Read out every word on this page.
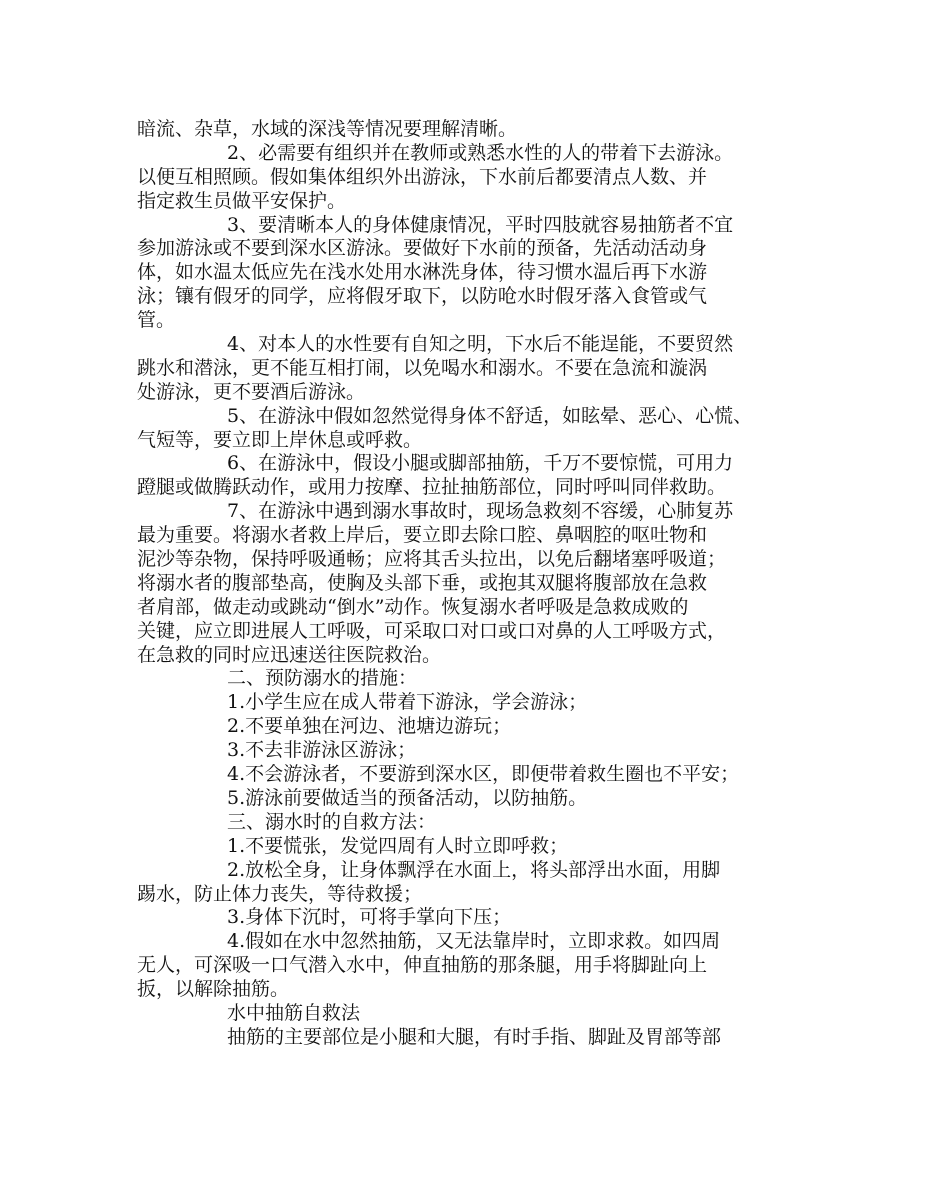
暗流、杂草，水域的深浅等情况要理解清晰。
2、必需要有组织并在教师或熟悉水性的人的带着下去游泳。
以便互相照顾。假如集体组织外出游泳，下水前后都要清点人数、并
指定救生员做平安保护。
3、要清晰本人的身体健康情况，平时四肢就容易抽筋者不宜
参加游泳或不要到深水区游泳。要做好下水前的预备，先活动活动身
体，如水温太低应先在浅水处用水淋洗身体，待习惯水温后再下水游
泳；镶有假牙的同学，应将假牙取下，以防呛水时假牙落入食管或气
管。
4、对本人的水性要有自知之明，下水后不能逞能，不要贸然
跳水和潜泳，更不能互相打闹，以免喝水和溺水。不要在急流和漩涡
处游泳，更不要酒后游泳。
5、在游泳中假如忽然觉得身体不舒适，如眩晕、恶心、心慌、
气短等，要立即上岸休息或呼救。
6、在游泳中，假设小腿或脚部抽筋，千万不要惊慌，可用力
蹬腿或做腾跃动作，或用力按摩、拉扯抽筋部位，同时呼叫同伴救助。
7、在游泳中遇到溺水事故时，现场急救刻不容缓，心肺复苏
最为重要。将溺水者救上岸后，要立即去除口腔、鼻咽腔的呕吐物和
泥沙等杂物，保持呼吸通畅；应将其舌头拉出，以免后翻堵塞呼吸道；
将溺水者的腹部垫高，使胸及头部下垂，或抱其双腿将腹部放在急救
者肩部，做走动或跳动“倒水”动作。恢复溺水者呼吸是急救成败的
关键，应立即进展人工呼吸，可采取口对口或口对鼻的人工呼吸方式，
在急救的同时应迅速送往医院救治。
二、预防溺水的措施：
1.小学生应在成人带着下游泳，学会游泳；
2.不要单独在河边、池塘边游玩；
3.不去非游泳区游泳；
4.不会游泳者，不要游到深水区，即便带着救生圈也不平安；
5.游泳前要做适当的预备活动，以防抽筋。
三、溺水时的自救方法：
1.不要慌张，发觉四周有人时立即呼救；
2.放松全身，让身体飘浮在水面上，将头部浮出水面，用脚
踢水，防止体力丧失，等待救援；
3.身体下沉时，可将手掌向下压；
4.假如在水中忽然抽筋，又无法靠岸时，立即求救。如四周
无人，可深吸一口气潜入水中，伸直抽筋的那条腿，用手将脚趾向上
扳，以解除抽筋。
水中抽筋自救法
抽筋的主要部位是小腿和大腿，有时手指、脚趾及胃部等部
